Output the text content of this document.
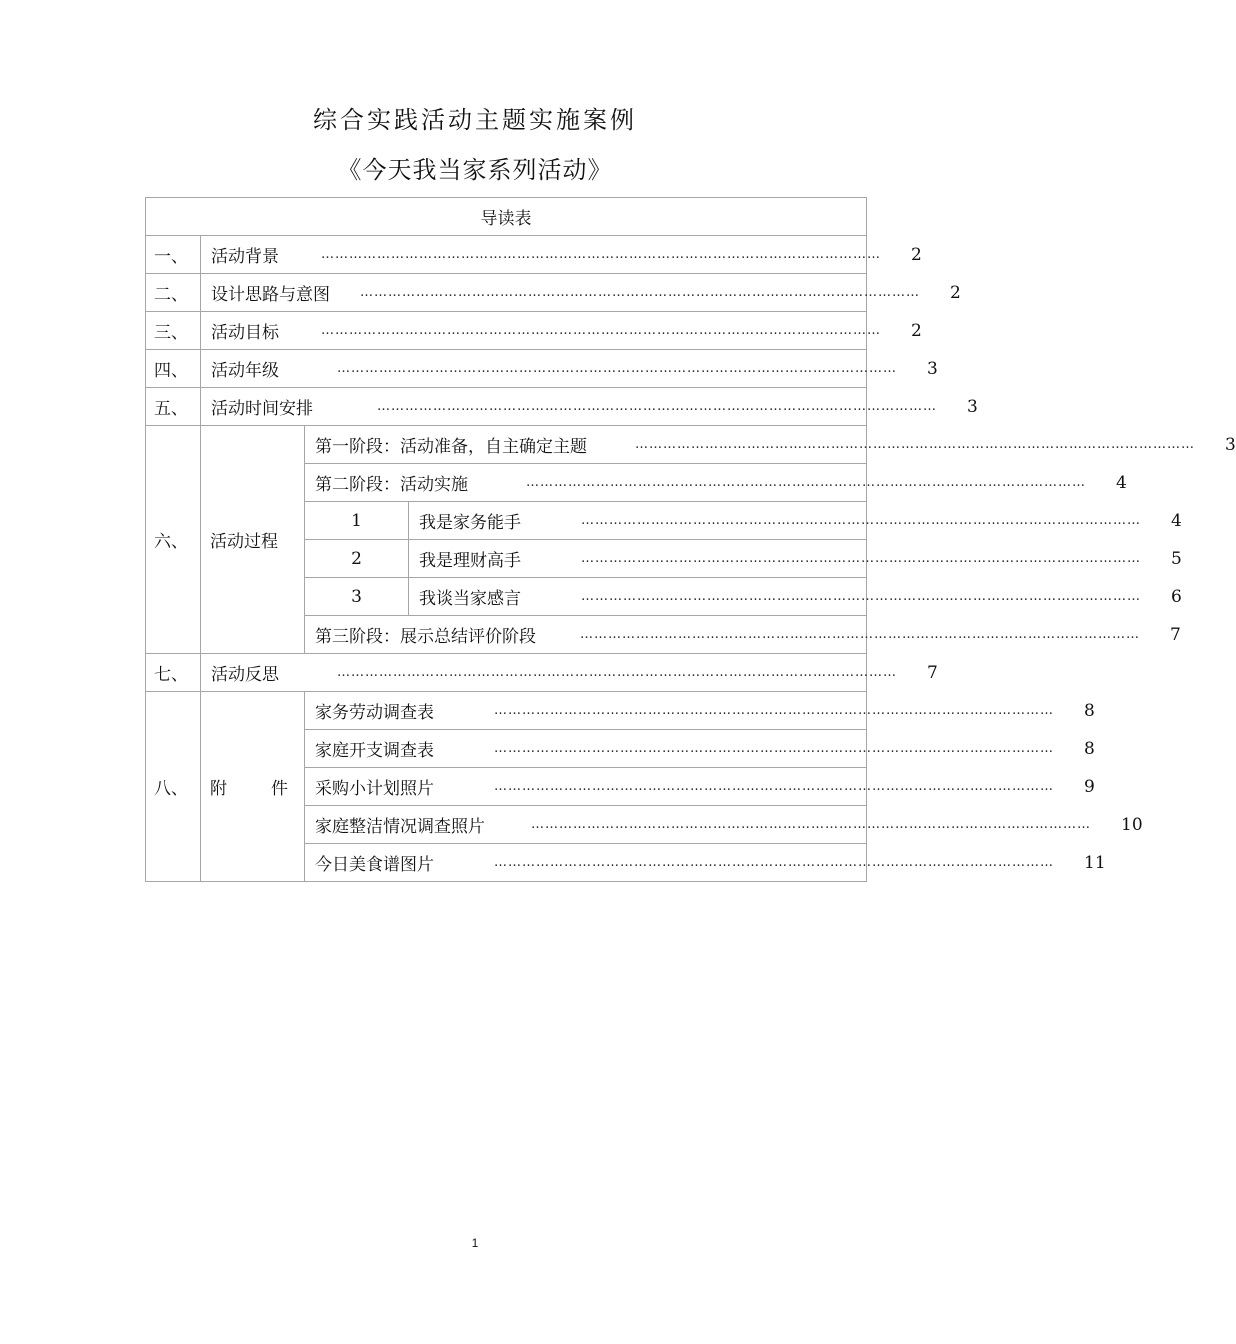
综合实践活动主题实施案例
《今天我当家系列活动》
导读表			
一、	活动背景 ………………………………………………………………………………………………………… 2		

二、	设计思路与意图 ………………………………………………………………………………………………………… 2		

三、	活动目标 ………………………………………………………………………………………………………… 2		

四、	活动年级 ………………………………………………………………………………………………………… 3		

五、	活动时间安排 ………………………………………………………………………………………………………… 3		

六、	活动过程	第一阶段：活动准备，自主确定主题 ………………………………………………………………………………………………………… 3	

		第二阶段：活动实施 ………………………………………………………………………………………………………… 4	

		1	我是家务能手 ………………………………………………………………………………………………………… 4

		2	我是理财高手 ………………………………………………………………………………………………………… 5

		3	我谈当家感言 ………………………………………………………………………………………………………… 6

		第三阶段：展示总结评价阶段 ………………………………………………………………………………………………………… 7	

七、	活动反思 ………………………………………………………………………………………………………… 7		

八、	附 件	家务劳动调查表 ………………………………………………………………………………………………………… 8	

		家庭开支调查表 ………………………………………………………………………………………………………… 8	

		采购小计划照片 ………………………………………………………………………………………………………… 9	

		家庭整洁情况调查照片 ………………………………………………………………………………………………………… 10	

		今日美食谱图片 ………………………………………………………………………………………………………… 11	
1
